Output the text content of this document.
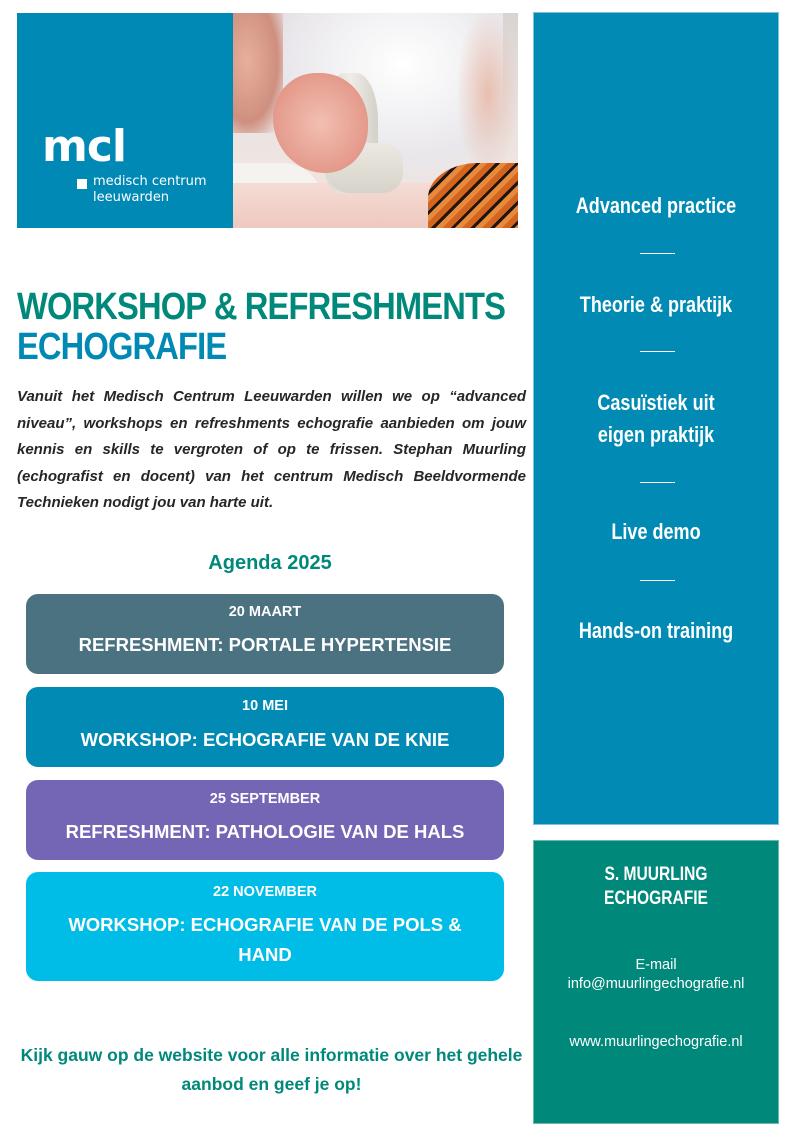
mcl
medisch centrum
leeuwarden
WORKSHOP & REFRESHMENTS
ECHOGRAFIE

Vanuit het Medisch Centrum Leeuwarden willen we op “advanced niveau”, workshops en refreshments echografie aanbieden om jouw kennis en skills te vergroten of op te frissen. Stephan Muurling (echografist en docent) van het centrum Medisch Beeldvormende Technieken nodigt jou van harte uit.

Agenda 2025
20 MAART
REFRESHMENT: PORTALE HYPERTENSIE
10 MEI
WORKSHOP: ECHOGRAFIE VAN DE KNIE
25 SEPTEMBER
REFRESHMENT: PATHOLOGIE VAN DE HALS
22 NOVEMBER
WORKSHOP: ECHOGRAFIE VAN DE POLS & HAND

Kijk gauw op de website voor alle informatie over het gehele aanbod en geef je op!

Advanced practice
Theorie & praktijk
Casuïstiek uit eigen praktijk
Live demo
Hands-on training
S. MUURLING ECHOGRAFIE
E-mail
info@muurlingechografie.nl
www.muurlingechografie.nl
